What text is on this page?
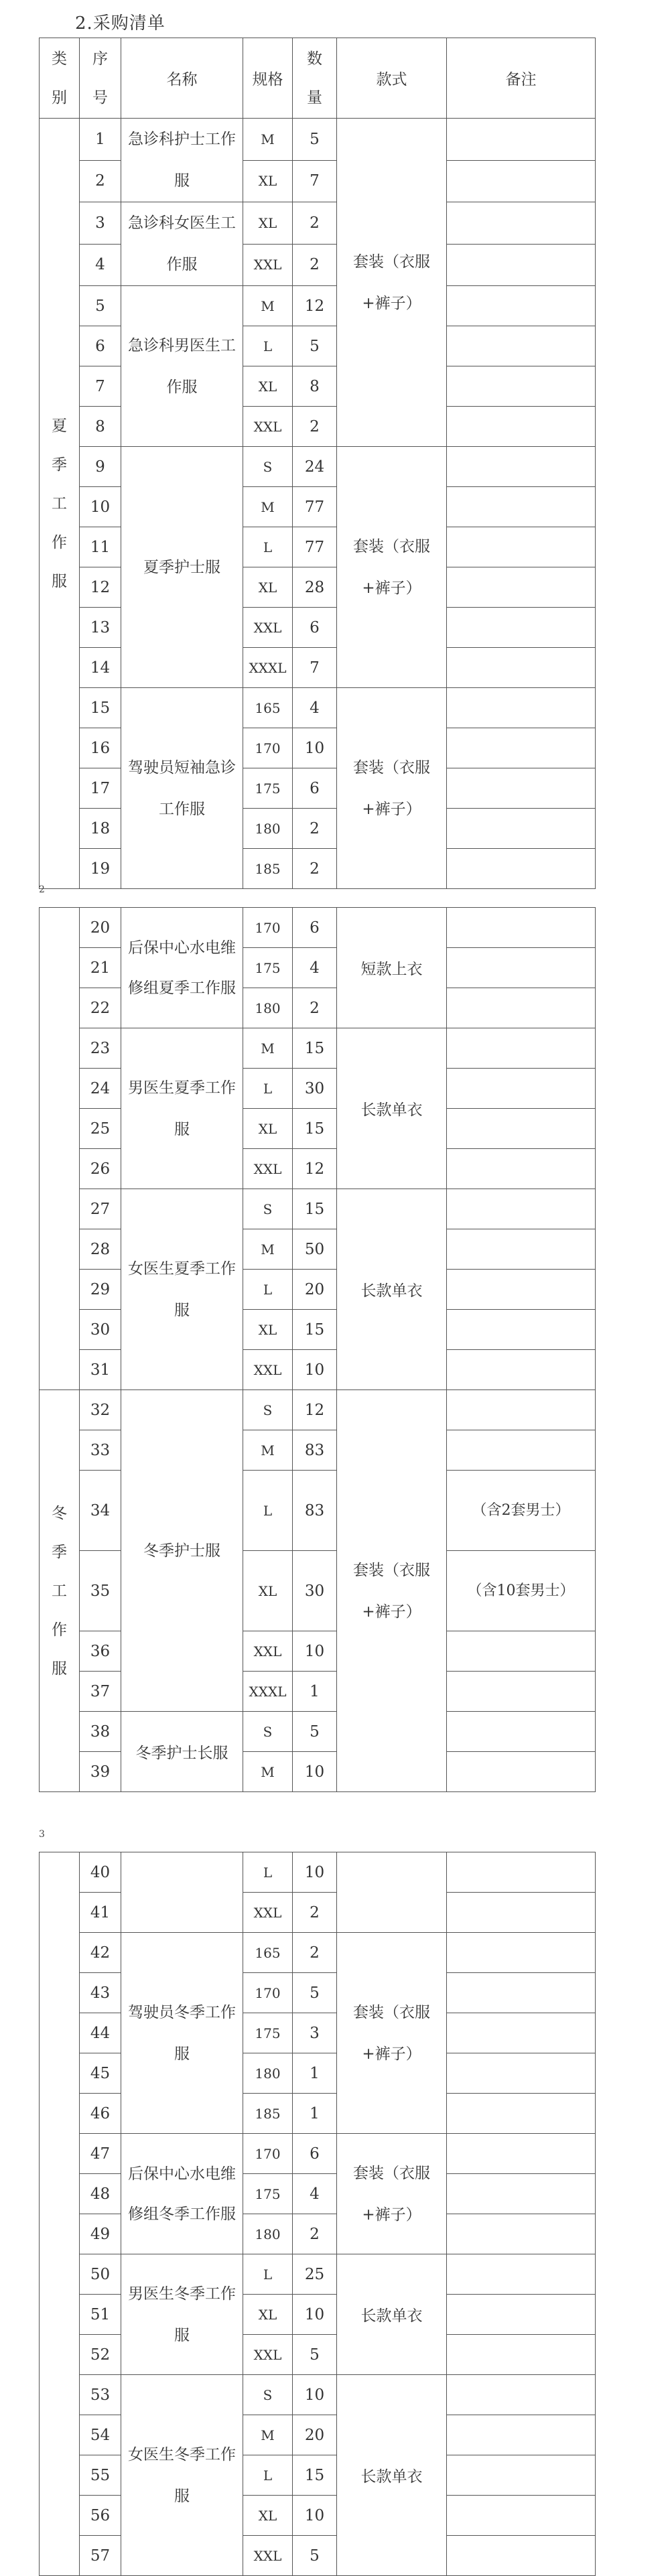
2.采购清单
类别	序号	名称	规格	数量	款式	备注
夏季工作服	1	急诊科护士工作服	M	5	套装（衣服+裤子）	
	2		XL	7		
	3	急诊科女医生工作服	XL	2		
	4		XXL	2		
	5	急诊科男医生工作服	M	12		
	6		L	5		
	7		XL	8		
	8		XXL	2		
	9	夏季护士服	S	24	套装（衣服+裤子）	
	10		M	77		
	11		L	77		
	12		XL	28		
	13		XXL	6		
	14		XXXL	7		
	15	驾驶员短袖急诊工作服	165	4	套装（衣服+裤子）	
	16		170	10		
	17		175	6		
	18		180	2		
	19		185	2		
2
	20	后保中心水电维修组夏季工作服	170	6	短款上衣	
	21		175	4		
	22		180	2		
	23	男医生夏季工作服	M	15	长款单衣	
	24		L	30		
	25		XL	15		
	26		XXL	12		
	27	女医生夏季工作服	S	15	长款单衣	
	28		M	50		
	29		L	20		
	30		XL	15		
	31		XXL	10		
冬季工作服	32	冬季护士服	S	12	套装（衣服+裤子）	
	33		M	83		
	34		L	83		（含2套男士）
	35		XL	30		（含10套男士）
	36		XXL	10		
	37		XXXL	1		
	38	冬季护士长服	S	5		
	39		M	10		
3
	40		L	10		
	41		XXL	2		
	42	驾驶员冬季工作服	165	2	套装（衣服+裤子）	
	43		170	5		
	44		175	3		
	45		180	1		
	46		185	1		
	47	后保中心水电维修组冬季工作服	170	6	套装（衣服+裤子）	
	48		175	4		
	49		180	2		
	50	男医生冬季工作服	L	25	长款单衣	
	51		XL	10		
	52		XXL	5		
	53	女医生冬季工作服	S	10	长款单衣	
	54		M	20		
	55		L	15		
	56		XL	10		
	57		XXL	5		
